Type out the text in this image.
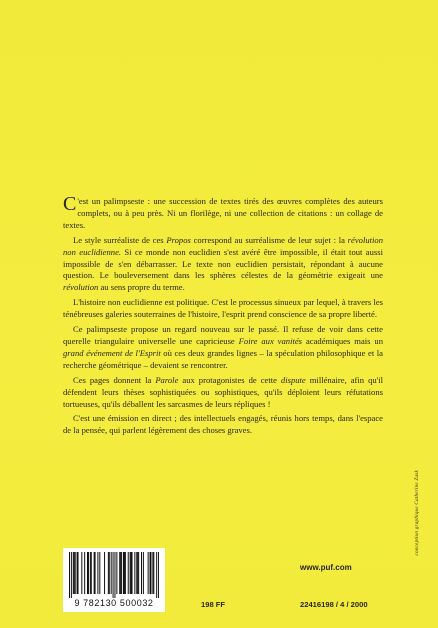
C 'est un palimpseste : une succession de textes tirés des œuvres complètes des auteurs complets, ou à peu près. Ni un florilège, ni une collection de citations : un collage de textes.

Le style surréaliste de ces Propos correspond au surréalisme de leur sujet : la révolution non euclidienne. Si ce monde non euclidien s'est avéré être impossible, il était tout aussi impossible de s'en débarrasser. Le texte non euclidien persistait, répondant à aucune question. Le bouleversement dans les sphères célestes de la géométrie exigeait une révolution au sens propre du terme.

L'histoire non euclidienne est politique. C'est le processus sinueux par lequel, à travers les ténébreuses galeries souterraines de l'histoire, l'esprit prend conscience de sa propre liberté.

Ce palimpseste propose un regard nouveau sur le passé. Il refuse de voir dans cette querelle triangulaire universelle une capricieuse Foire aux vanités académiques mais un grand événement de l'Esprit où ces deux grandes lignes – la spéculation philosophique et la recherche géométrique – devaient se rencontrer.

Ces pages donnent la Parole aux protagonistes de cette dispute millénaire, afin qu'il défendent leurs thèses sophistiquées ou sophistiques, qu'ils déploient leurs réfutations tortueuses, qu'ils déballent les sarcasmes de leurs répliques !

C'est une émission en direct ; des intellectuels engagés, réunis hors temps, dans l'espace de la pensée, qui parlent légèrement des choses graves.

conception graphique Catherine Zask
www.puf.com
9 782130 500032	198 FF	22416198 / 4 / 2000
